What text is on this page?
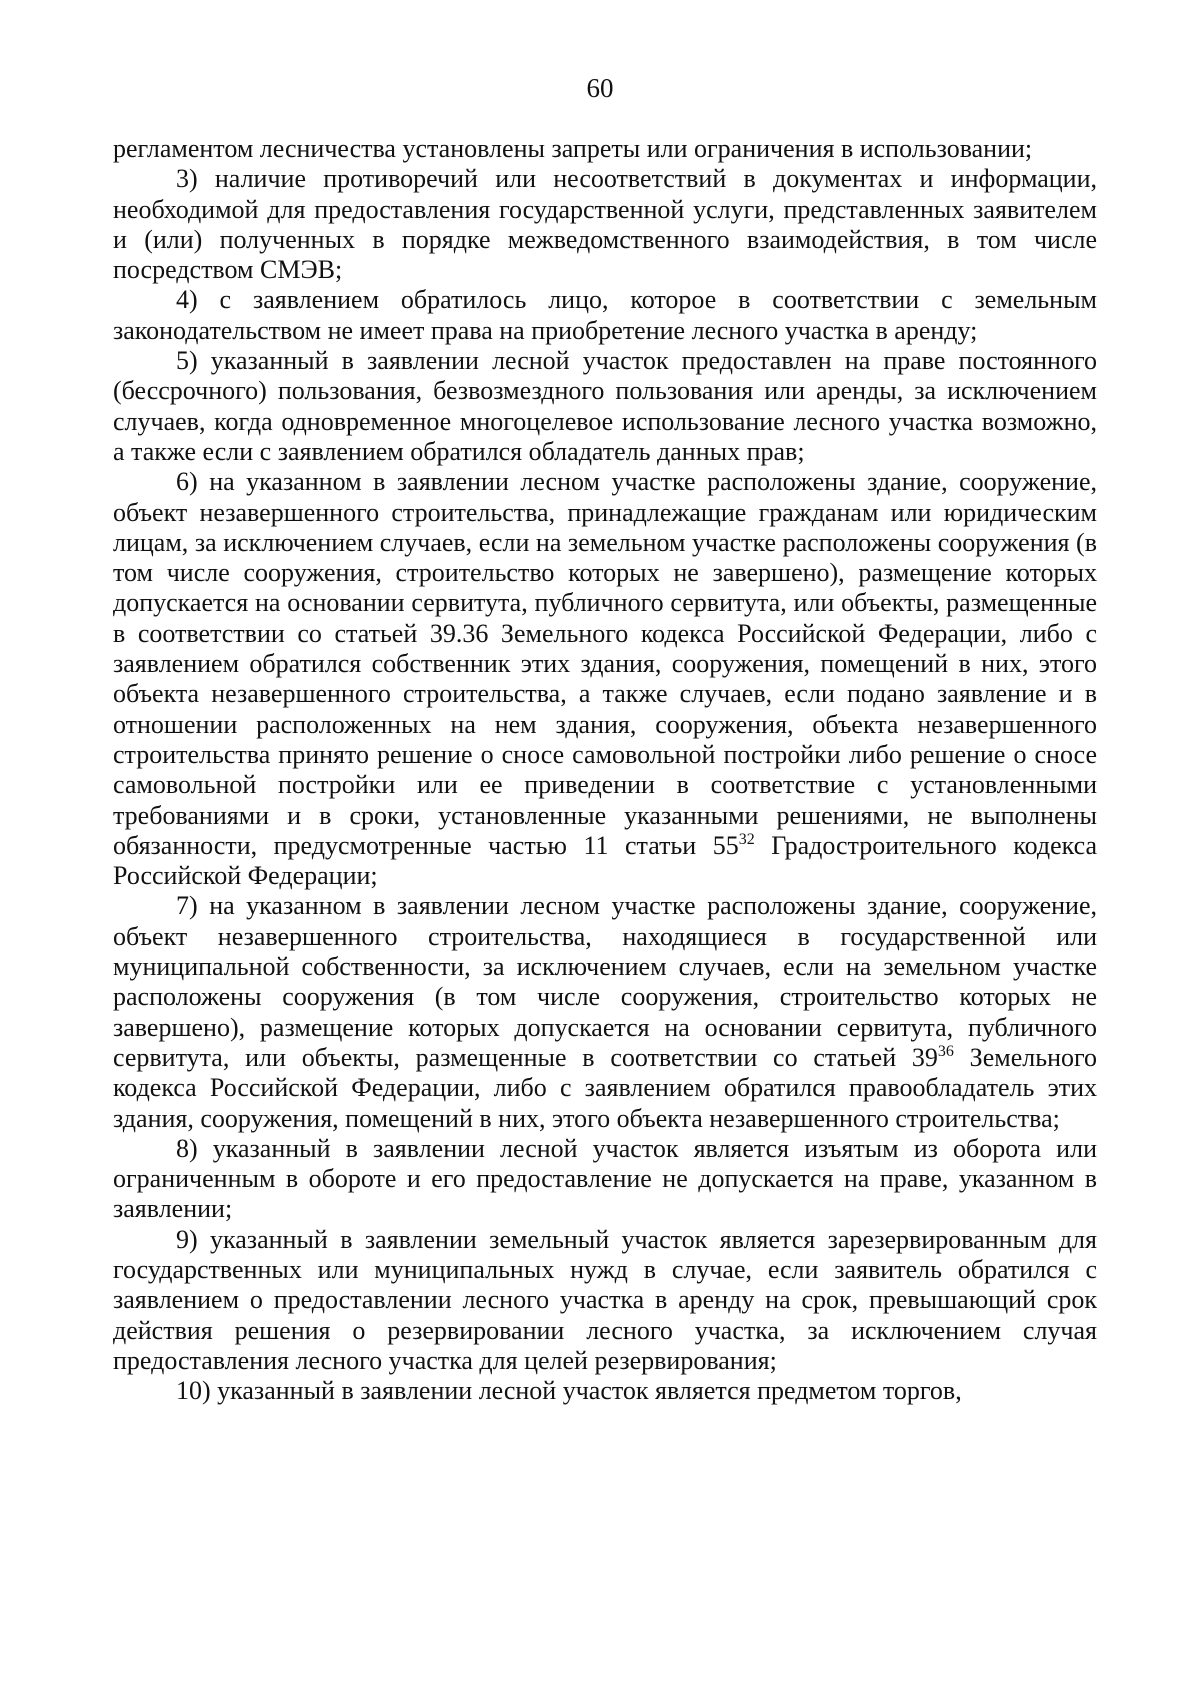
60

регламентом лесничества установлены запреты или ограничения в использовании;

3) наличие противоречий или несоответствий в документах и информации, необходимой для предоставления государственной услуги, представленных заявителем и (или) полученных в порядке межведомственного взаимодействия, в том числе посредством СМЭВ;

4) с заявлением обратилось лицо, которое в соответствии с земельным законодательством не имеет права на приобретение лесного участка в аренду;

5) указанный в заявлении лесной участок предоставлен на праве постоянного (бессрочного) пользования, безвозмездного пользования или аренды, за исключением случаев, когда одновременное многоцелевое использование лесного участка возможно, а также если с заявлением обратился обладатель данных прав;

6) на указанном в заявлении лесном участке расположены здание, сооружение, объект незавершенного строительства, принадлежащие гражданам или юридическим лицам, за исключением случаев, если на земельном участке расположены сооружения (в том числе сооружения, строительство которых не завершено), размещение которых допускается на основании сервитута, публичного сервитута, или объекты, размещенные в соответствии со статьей 39.36 Земельного кодекса Российской Федерации, либо с заявлением обратился собственник этих здания, сооружения, помещений в них, этого объекта незавершенного строительства, а также случаев, если подано заявление и в отношении расположенных на нем здания, сооружения, объекта незавершенного строительства принято решение о сносе самовольной постройки либо решение о сносе самовольной постройки или ее приведении в соответствие с установленными требованиями и в сроки, установленные указанными решениями, не выполнены обязанности, предусмотренные частью 11 статьи $55^{32}$ Градостроительного кодекса Российской Федерации;

7) на указанном в заявлении лесном участке расположены здание, сооружение, объект незавершенного строительства, находящиеся в государственной или муниципальной собственности, за исключением случаев, если на земельном участке расположены сооружения (в том числе сооружения, строительство которых не завершено), размещение которых допускается на основании сервитута, публичного сервитута, или объекты, размещенные в соответствии со статьей $39^{36}$ Земельного кодекса Российской Федерации, либо с заявлением обратился правообладатель этих здания, сооружения, помещений в них, этого объекта незавершенного строительства;

8) указанный в заявлении лесной участок является изъятым из оборота или ограниченным в обороте и его предоставление не допускается на праве, указанном в заявлении;

9) указанный в заявлении земельный участок является зарезервированным для государственных или муниципальных нужд в случае, если заявитель обратился с заявлением о предоставлении лесного участка в аренду на срок, превышающий срок действия решения о резервировании лесного участка, за исключением случая предоставления лесного участка для целей резервирования;

10) указанный в заявлении лесной участок является предметом торгов,
